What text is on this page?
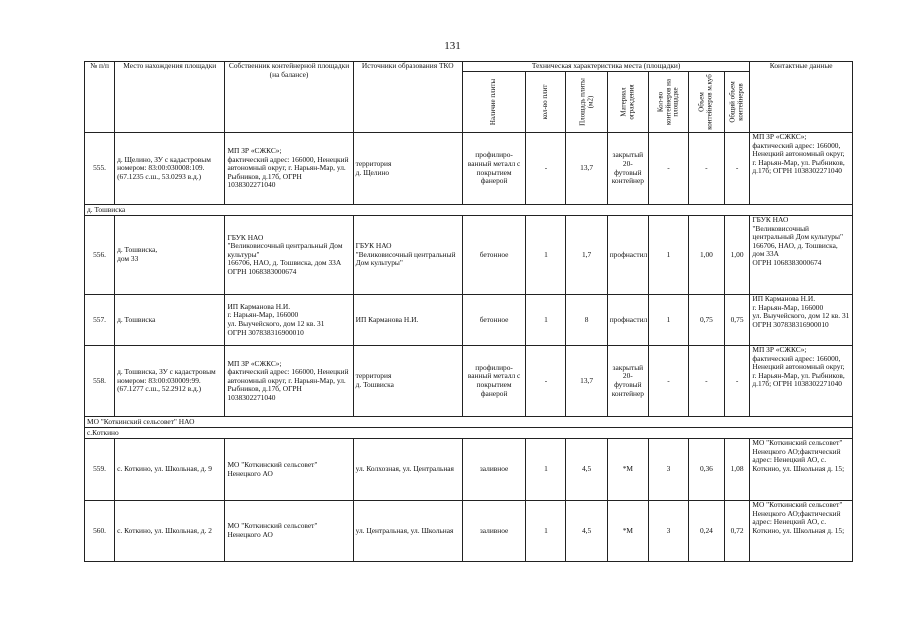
131
№ п/п	Место нахождения площадки	Собственник контейнерной площадки (на балансе)	Источники образования ТКО	Техническая характеристика места (площадки)							Контактные данные

				Наличие плиты	кол-во плит	Площадь плиты (м2)	Материал ограждения	Кол-во контейнеров на площадке	Объем контейнеров м.куб	Общий объем контейнеров	

555.	д. Щелино, ЗУ с кадастровым номером: 83:00:030008:109. (67.1235 с.ш., 53.0293 в.д.)	МП ЗР «СЖКС»;
фактический адрес: 166000, Ненецкий автономный округ, г. Нарьян-Мар, ул. Рыбников, д.17б, ОГРН 1038302271040	территория
д. Щелино	профилиро-ванный металл с покрытием фанерой	-	13,7	закрытый 20-футовый контейнер	-	-	-	МП ЗР «СЖКС»;
фактический адрес: 166000, Ненецкий автономный округ, г. Нарьян-Мар, ул. Рыбников, д.17б; ОГРН 1038302271040
д. Тошвиска											
556.	д. Тошвиска,
дом 33	ГБУК НАО
"Великовисочный центральный Дом культуры"
166706, НАО, д. Тошвиска, дом 33А
ОГРН 1068383000674	ГБУК НАО
"Великовисочный центральный Дом культуры"	бетонное	1	1,7	профнастил	1	1,00	1,00	ГБУК НАО
"Великовисочный центральный Дом культуры"
166706, НАО, д. Тошвиска,
дом 33А
ОГРН 1068383000674
557.	д. Тошвиска	ИП Карманова Н.И.
г. Нарьян-Мар, 166000
ул. Выучейского, дом 12 кв. 31
ОГРН 307838316900010	ИП Карманова Н.И.	бетонное	1	8	профнастил	1	0,75	0,75	ИП Карманова Н.И.
г. Нарьян-Мар, 166000
ул. Выучейского, дом 12 кв. 31
ОГРН 307838316900010
558.	д. Тошвиска, ЗУ с кадастровым номером: 83:00:030009:99. (67.1277 с.ш., 52.2912 в.д.)	МП ЗР «СЖКС»;
фактический адрес: 166000, Ненецкий автономный округ, г. Нарьян-Мар, ул. Рыбников, д.17б, ОГРН 1038302271040	территория
д. Тошвиска	профилиро-ванный металл с покрытием фанерой	-	13,7	закрытый 20-футовый контейнер	-	-	-	МП ЗР «СЖКС»;
фактический адрес: 166000, Ненецкий автономный округ, г. Нарьян-Мар, ул. Рыбников, д.17б; ОГРН 1038302271040
МО "Коткинский сельсовет" НАО											
с.Коткино											
559.	с. Коткино, ул. Школьная, д. 9	МО "Коткинский сельсовет" Ненецкого АО	ул. Колхозная, ул. Центральная	заливное	1	4,5	*М	3	0,36	1,08	МО "Коткинский сельсовет" Ненецкого АО;фактический адрес: Ненецкий АО, с. Коткино, ул. Школьная д. 15;
560.	с. Коткино, ул. Школьная, д. 2	МО "Коткинский сельсовет" Ненецкого АО	ул. Центральная, ул. Школьная	заливное	1	4,5	*М	3	0,24	0,72	МО "Коткинский сельсовет" Ненецкого АО;фактический адрес: Ненецкий АО, с. Коткино, ул. Школьная д. 15;
